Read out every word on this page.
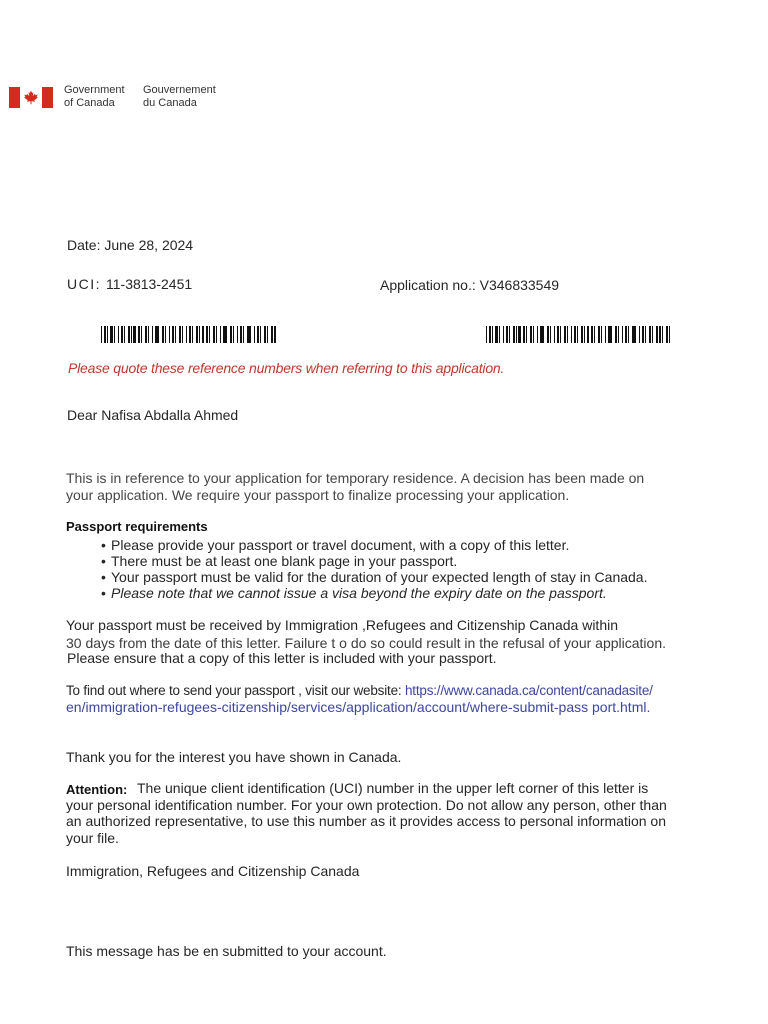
Government
of Canada
Gouvernement
du Canada
Date: June 28, 2024
UCI: 11-3813-2451	Application no.: V346833549
Please quote these reference numbers when referring to this application.
Dear Nafisa Abdalla Ahmed
This is in reference to your application for temporary residence. A decision has been made on
your application. We require your passport to finalize processing your application.
Passport requirements
• Please provide your passport or travel document, with a copy of this letter.
• There must be at least one blank page in your passport.
• Your passport must be valid for the duration of your expected length of stay in Canada.
• Please note that we cannot issue a visa beyond the expiry date on the passport.
Your passport must be received by Immigration ,Refugees and Citizenship Canada within
30 days from the date of this letter. Failure t o do so could result in the refusal of your application.
Please ensure that a copy of this letter is included with your passport.
To find out where to send your passport , visit our website: https://www.canada.ca/content/canadasite/
en/immigration-refugees-citizenship/services/application/account/where-submit-pass port.html.
Thank you for the interest you have shown in Canada.
Attention: The unique client identification (UCI) number in the upper left corner of this letter is
your personal identification number. For your own protection. Do not allow any person, other than
an authorized representative, to use this number as it provides access to personal information on
your file.
Immigration, Refugees and Citizenship Canada
This message has be en submitted to your account.
